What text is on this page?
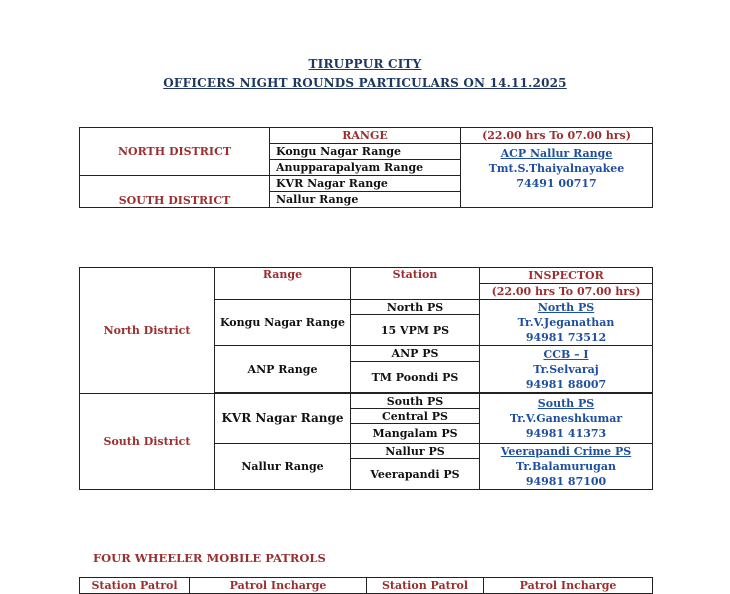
TIRUPPUR CITY
OFFICERS NIGHT ROUNDS PARTICULARS ON 14.11.2025
NORTH DISTRICT	RANGE	(22.00 hrs To 07.00 hrs)
	Kongu Nagar Range	ACP Nallur Range
Tmt.S.Thaiyalnayakee
74491 00717

	Anupparapalyam Range	
SOUTH DISTRICT	KVR Nagar Range	
	Nallur Range	
North District	Range	Station	INSPECTOR
			(22.00 hrs To 07.00 hrs)
	Kongu Nagar Range	North PS	North PS
Tr.V.Jeganathan
94981 73512

		15 VPM PS	
	ANP Range	ANP PS	CCB – I
Tr.Selvaraj
94981 88007

		TM Poondi PS	

South District	KVR Nagar Range	South PS	South PS
Tr.V.Ganeshkumar
94981 41373

		Central PS	
		Mangalam PS	
	Nallur Range	Nallur PS	Veerapandi Crime PS
Tr.Balamurugan
94981 87100

		Veerapandi PS	
FOUR WHEELER MOBILE PATROLS
Station Patrol	Patrol Incharge	Station Patrol	Patrol Incharge
